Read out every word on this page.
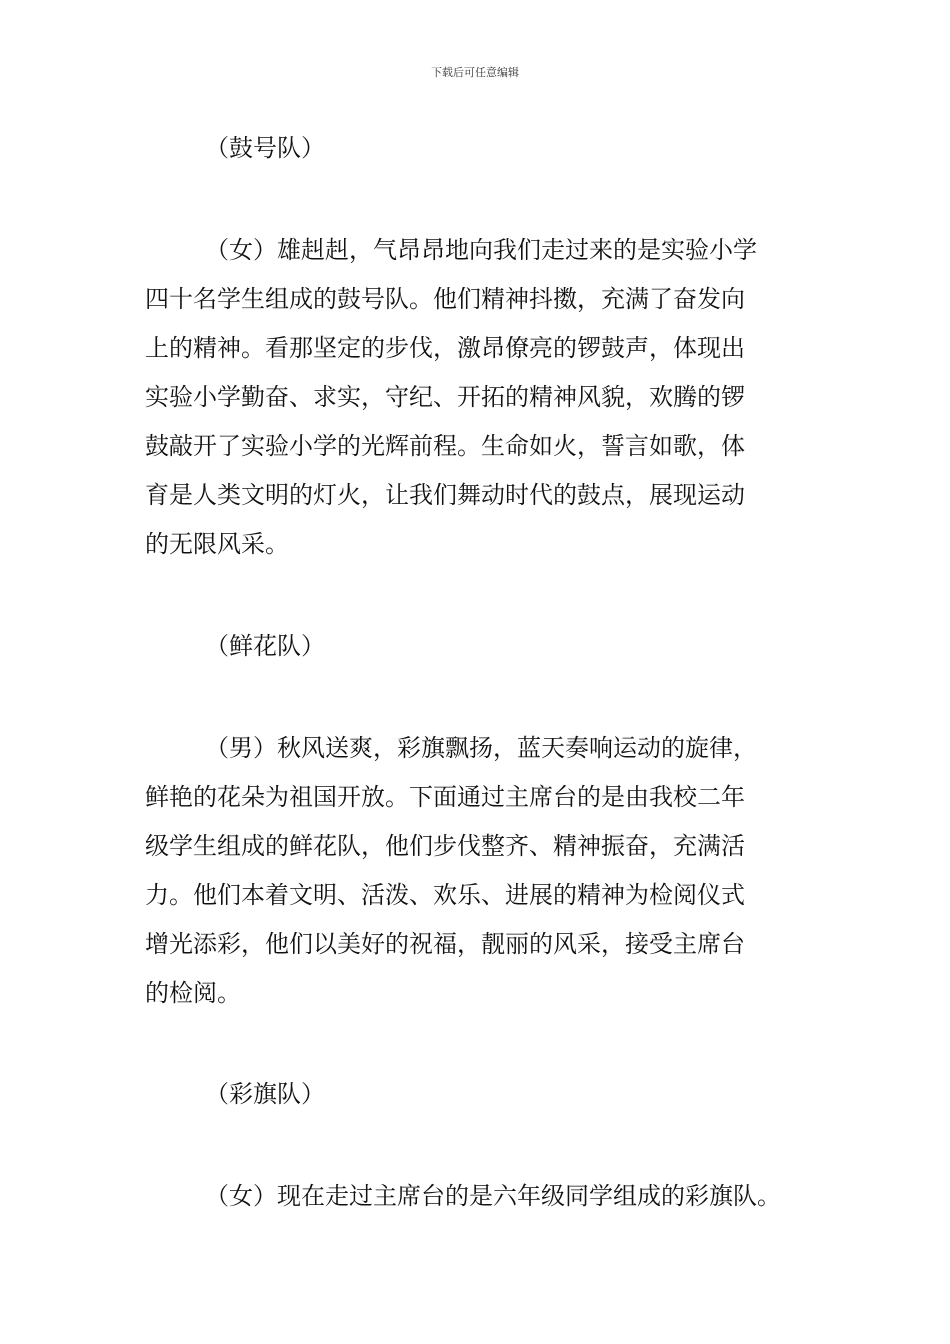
下载后可任意编辑
（鼓号队）
（女）雄赳赳，气昂昂地向我们走过来的是实验小学
四十名学生组成的鼓号队。他们精神抖擞，充满了奋发向
上的精神。看那坚定的步伐，激昂僚亮的锣鼓声，体现出
实验小学勤奋、求实，守纪、开拓的精神风貌，欢腾的锣
鼓敲开了实验小学的光辉前程。生命如火，誓言如歌，体
育是人类文明的灯火，让我们舞动时代的鼓点，展现运动
的无限风采。
（鲜花队）
（男）秋风送爽，彩旗飘扬，蓝天奏响运动的旋律，
鲜艳的花朵为祖国开放。下面通过主席台的是由我校二年
级学生组成的鲜花队，他们步伐整齐、精神振奋，充满活
力。他们本着文明、活泼、欢乐、进展的精神为检阅仪式
增光添彩，他们以美好的祝福，靓丽的风采，接受主席台
的检阅。
（彩旗队）
（女）现在走过主席台的是六年级同学组成的彩旗队。
